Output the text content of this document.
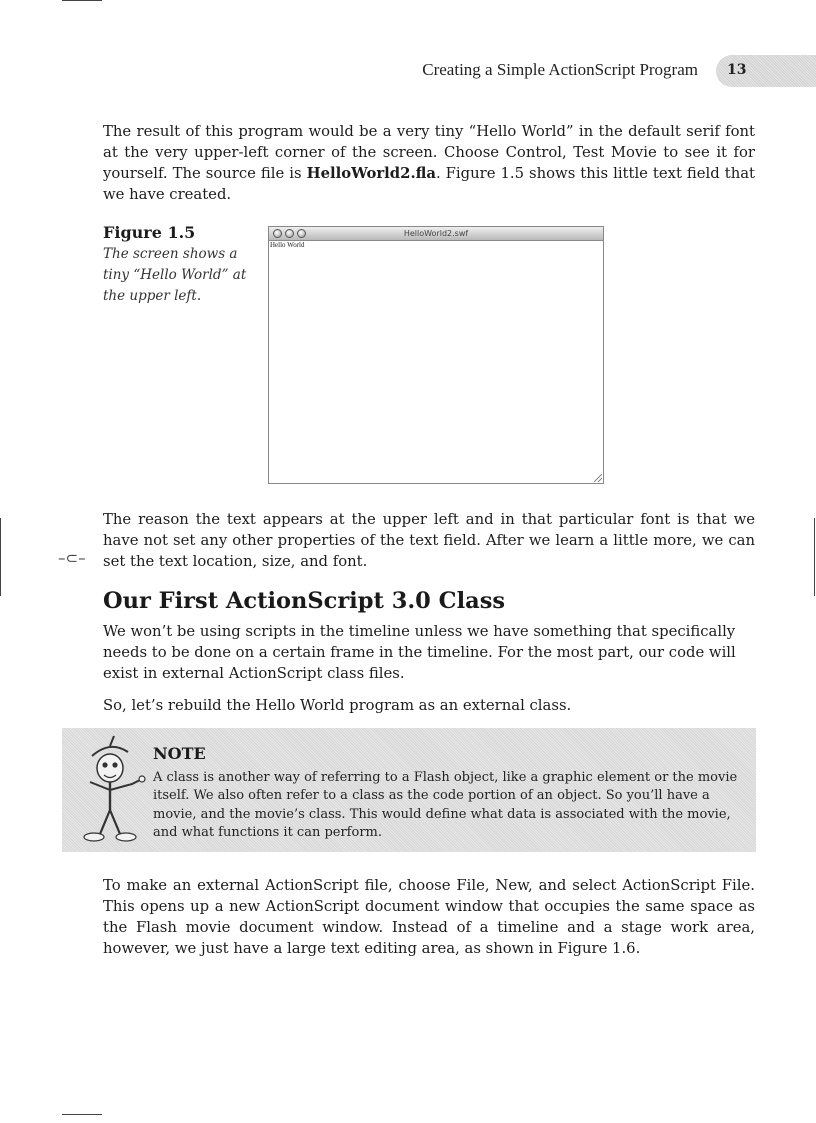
Creating a Simple ActionScript Program 13

The result of this program would be a very tiny “Hello World” in the default serif font at the very upper-left corner of the screen. Choose Control, Test Movie to see it for yourself. The source file is HelloWorld2.fla. Figure 1.5 shows this little text field that we have created.

Figure 1.5
The screen shows a tiny “Hello World” at the upper left.
HelloWorld2.swf
Hello World

The reason the text appears at the upper left and in that particular font is that we have not set any other properties of the text field. After we learn a little more, we can set the text location, size, and font.

–⊂–
Our First ActionScript 3.0 Class

We won’t be using scripts in the timeline unless we have something that specifically needs to be done on a certain frame in the timeline. For the most part, our code will exist in external ActionScript class files.

So, let’s rebuild the Hello World program as an external class.

NOTE

A class is another way of referring to a Flash object, like a graphic element or the movie itself. We also often refer to a class as the code portion of an object. So you’ll have a movie, and the movie’s class. This would define what data is associated with the movie, and what functions it can perform.

To make an external ActionScript file, choose File, New, and select ActionScript File. This opens up a new ActionScript document window that occupies the same space as the Flash movie document window. Instead of a timeline and a stage work area, however, we just have a large text editing area, as shown in Figure 1.6.
